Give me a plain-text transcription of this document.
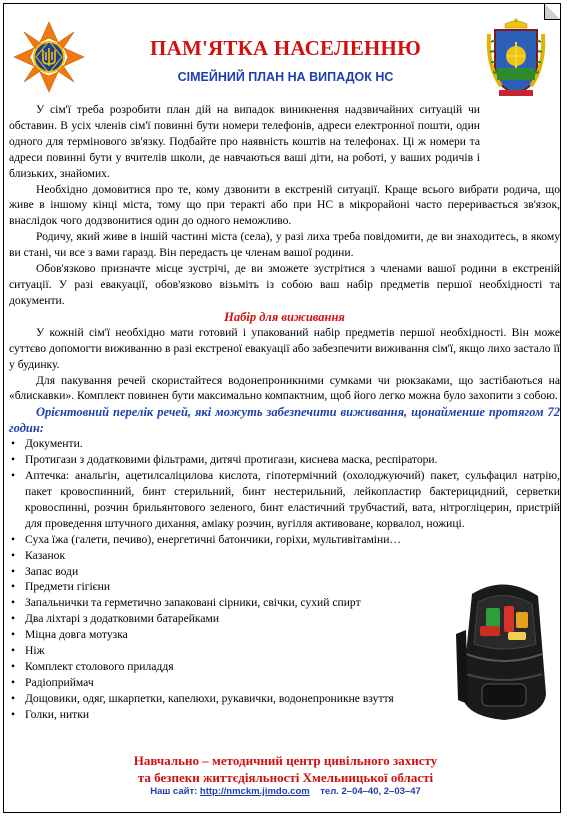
ПАМ'ЯТКА НАСЕЛЕННЮ
СІМЕЙНИЙ ПЛАН НА ВИПАДОК НС

У сім'ї треба розробити план дій на випадок виникнення надзвичайних ситуацій чи обставин. В усіх членів сім'ї повинні бути номери телефонів, адреси електронної пошти, один одного для термінового зв'язку. Подбайте про наявність коштів на телефонах. Ці ж номери та адреси повинні бути у вчителів школи, де навчаються ваші діти, на роботі, у ваших родичів і близьких, знайомих.

Необхідно домовитися про те, кому дзвонити в екстреній ситуації. Краще всього вибрати родича, що живе в іншому кінці міста, тому що при теракті або при НС в мікрорайоні часто переривається зв'язок, внаслідок чого додзвонитися один до одного неможливо.

Родичу, який живе в іншій частині міста (села), у разі лиха треба повідомити, де ви знаходитесь, в якому ви стані, чи все з вами гаразд. Він передасть це членам вашої родини.

Обов'язково призначте місце зустрічі, де ви зможете зустрітися з членами вашої родини в екстреній ситуації. У разі евакуації, обов'язково візьміть із собою ваш набір предметів першої необхідності та документи.

Набір для виживання

У кожній сім'ї необхідно мати готовий і упакований набір предметів першої необхідності. Він може суттєво допомогти виживанню в разі екстреної евакуації або забезпечити виживання сім'ї, якщо лихо застало її у будинку.

Для пакування речей скористайтеся водонепроникними сумками чи рюкзаками, що застібаються на «блискавки». Комплект повинен бути максимально компактним, щоб його легко можна було захопити з собою.

Орієнтовний перелік речей, які можуть забезпечити виживання, щонайменше протягом 72 годин:

• Документи.
• Протигази з додатковими фільтрами, дитячі протигази, киснева маска, респіратори.
• Аптечка: анальгін, ацетилсаліцилова кислота, гіпотермічний (охолоджуючий) пакет, сульфацил натрію, пакет кровоспинний, бинт стерильний, бинт нестерильний, лейкопластир бактерицидний, серветки кровоспинні, розчин брильянтового зеленого, бинт еластичний трубчастий, вата, нітрогліцерин, пристрій для проведення штучного дихання, аміаку розчин, вугілля активоване, корвалол, ножиці.
• Суха їжа (галети, печиво), енергетичні батончики, горіхи, мультивітаміни…
• Казанок
• Запас води
• Предмети гігієни
• Запальнички та герметично запаковані сірники, свічки, сухий спирт
• Два ліхтарі з додатковими батарейками
• Міцна довга мотузка
• Ніж
• Комплект столового приладдя
• Радіоприймач
• Дощовики, одяг, шкарпетки, капелюхи, рукавички, водонепроникне взуття
• Голки, нитки
Навчально – методичний центр цивільного захисту
та безпеки життєдіяльності Хмельницької області
Наш сайт: http://nmckm.jimdo.com тел. 2–04–40, 2–03–47
